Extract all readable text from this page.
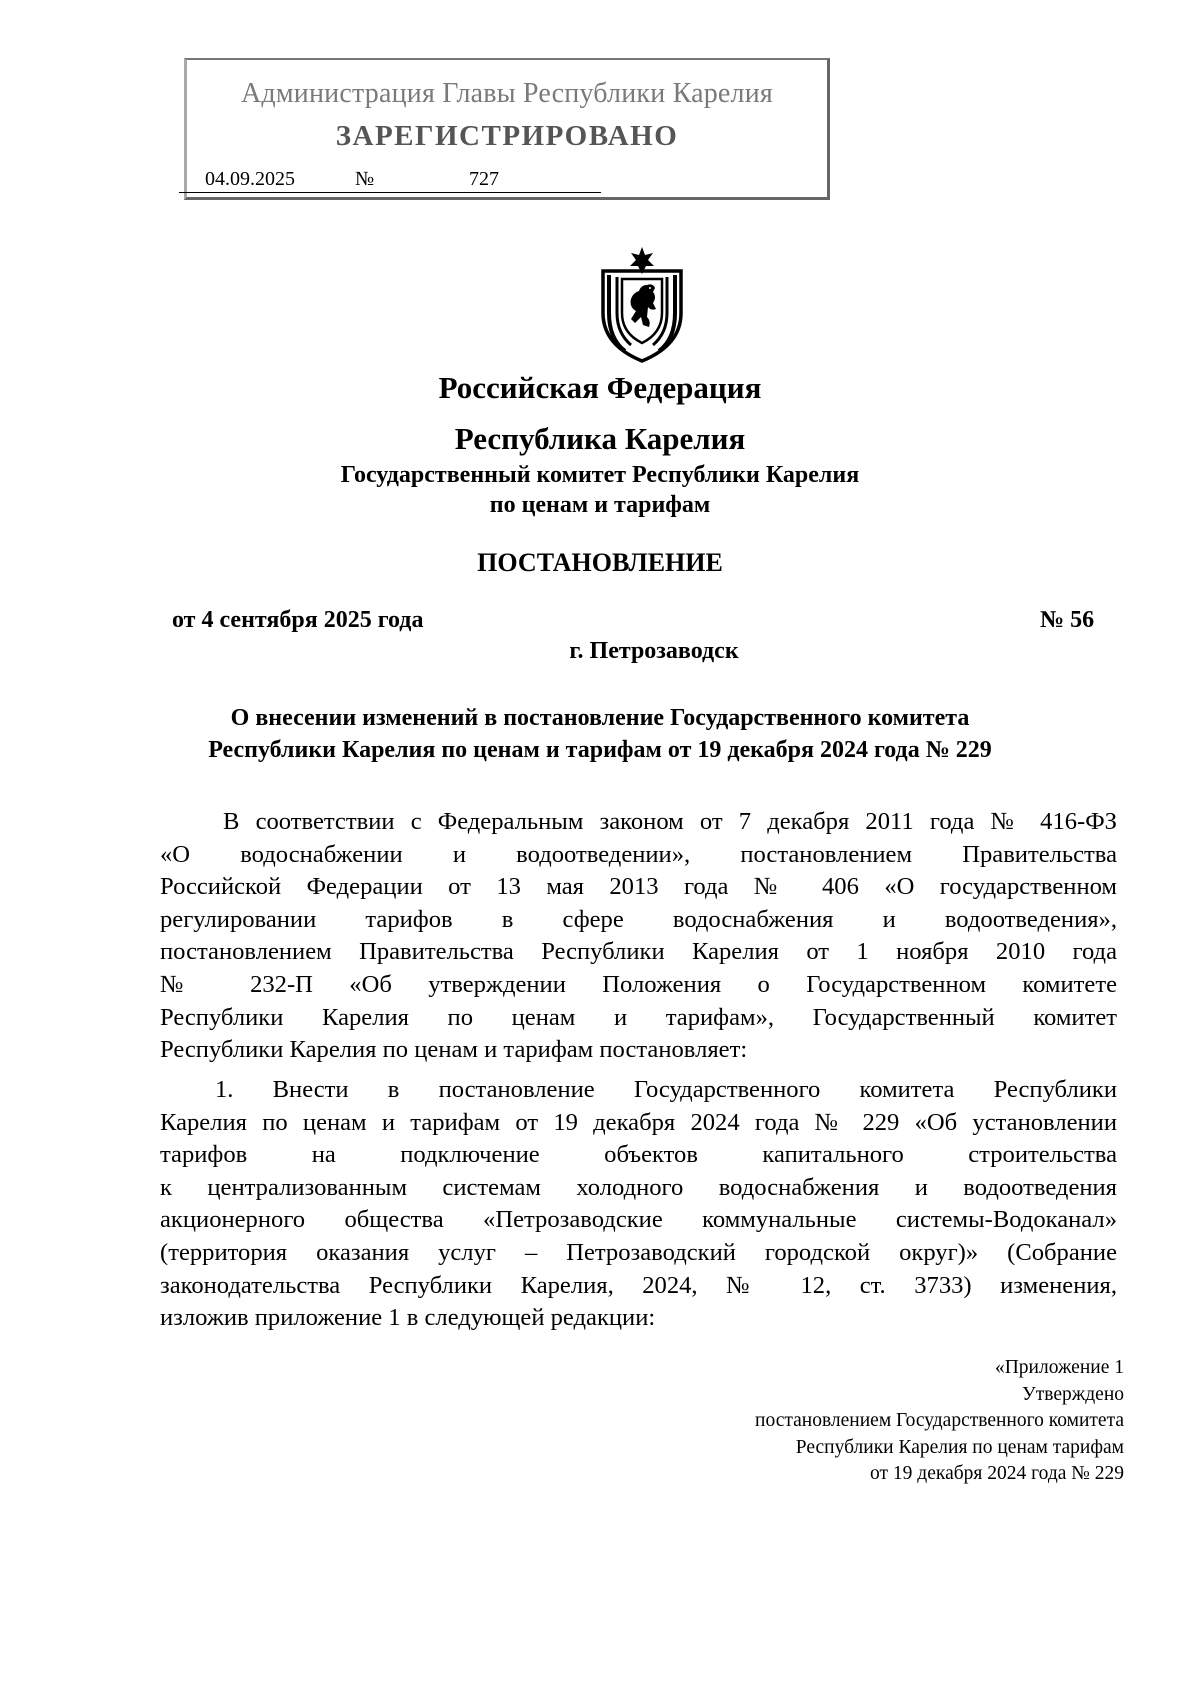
Администрация Главы Республики Карелия
ЗАРЕГИСТРИРОВАНО
04.09.2025	№	727
Российская Федерация
Республика Карелия
Государственный комитет Республики Карелия
по ценам и тарифам
ПОСТАНОВЛЕНИЕ
от 4 сентября 2025 года	№ 56
г. Петрозаводск
О внесении изменений в постановление Государственного комитета
Республики Карелия по ценам и тарифам от 19 декабря 2024 года № 229
В соответствии с Федеральным законом от 7 декабря 2011 года № 416-ФЗ
«О водоснабжении и водоотведении», постановлением Правительства
Российской Федерации от 13 мая 2013 года № 406 «О государственном
регулировании тарифов в сфере водоснабжения и водоотведения»,
постановлением Правительства Республики Карелия от 1 ноября 2010 года
№ 232-П «Об утверждении Положения о Государственном комитете
Республики Карелия по ценам и тарифам», Государственный комитет
Республики Карелия по ценам и тарифам постановляет:
1. Внести в постановление Государственного комитета Республики
Карелия по ценам и тарифам от 19 декабря 2024 года № 229 «Об установлении
тарифов на подключение объектов капитального строительства
к централизованным системам холодного водоснабжения и водоотведения
акционерного общества «Петрозаводские коммунальные системы-Водоканал»
(территория оказания услуг – Петрозаводский городской округ)» (Собрание
законодательства Республики Карелия, 2024, № 12, ст. 3733) изменения,
изложив приложение 1 в следующей редакции:
«Приложение 1
Утверждено
постановлением Государственного комитета
Республики Карелия по ценам тарифам
от 19 декабря 2024 года № 229
